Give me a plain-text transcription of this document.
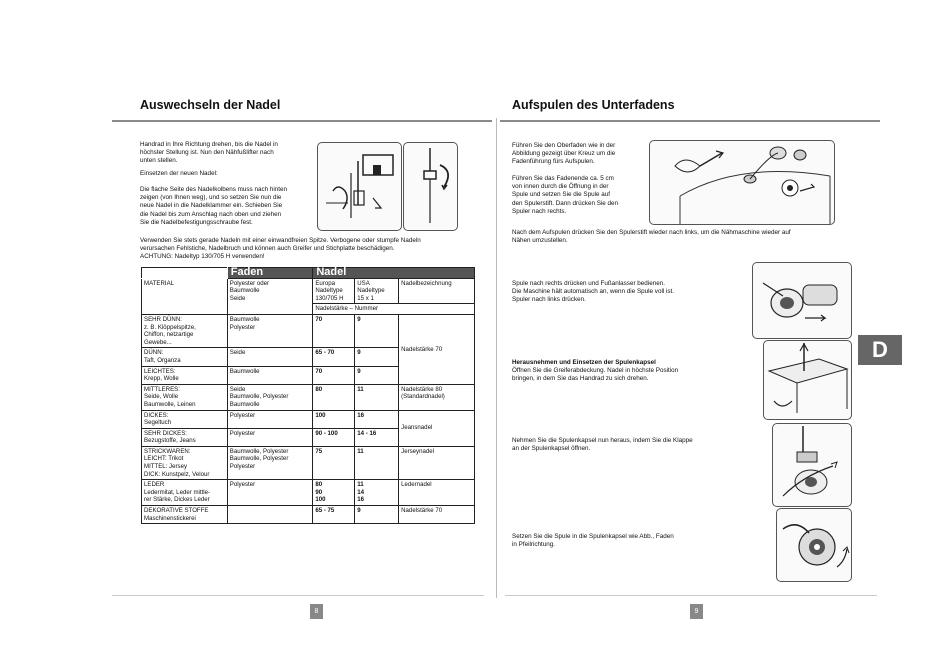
Auswechseln der Nadel
Handrad in Ihre Richtung drehen, bis die Nadel in
höchster Stellung ist. Nun den Nähfußlifter nach
unten stellen.
Einsetzen der neuen Nadel:
Die flache Seite des Nadelkolbens muss nach hinten
zeigen (von Ihnen weg), und so setzen Sie nun die
neue Nadel in die Nadelklammer ein. Schieben Sie
die Nadel bis zum Anschlag nach oben und ziehen
Sie die Nadelbefestigungsschraube fest.
Verwenden Sie stets gerade Nadeln mit einer einwandfreien Spitze. Verbogene oder stumpfe Nadeln
verursachen Fehlstiche, Nadelbruch und können auch Greifer und Stichplatte beschädigen.
ACHTUNG: Nadeltyp 130/705 H verwenden!
	Faden	Nadel		
MATERIAL	Polyester oder
Baumwolle
Seide	Europa
Nadeltype
130/705 H	USA
Nadeltype
15 x 1	Nadelbezeichnung
		Nadelstärke – Nummer		
SEHR DÜNN:
z. B. Klöppelspitze,
Chiffon, netzartige
Gewebe...	Baumwolle
Polyester	70	9	Nadelstärke 70
DÜNN:
Taft, Organza	Seide	65 - 70	9	
LEICHTES:
Krepp, Wolle	Baumwolle	70	9	
MITTLERES:
Seide, Wolle
Baumwolle, Leinen	Seide
Baumwolle, Polyester
Baumwolle	80	11	Nadelstärke 80
(Standardnadel)
DICKES:
Segeltuch	Polyester	100	16	Jeansnadel
SEHR DICKES:
Bezugstoffe, Jeans	Polyester	90 - 100	14 - 16	
STRICKWAREN:
LEICHT: Trikot
MITTEL: Jersey
DICK: Kunstpelz, Velour	Baumwolle, Polyester
Baumwolle, Polyester
Polyester	75	11	Jerseynadel
LEDER
Ledermitat, Leder mittle-
rer Stärke, Dickes Leder	Polyester	80
90
100	11
14
16	Ledernadel
DEKORATIVE STOFFE
Maschinenstickerei		65 - 75	9	Nadelstärke 70
8
Aufspulen des Unterfadens
Führen Sie den Oberfaden wie in der
Abbildung gezeigt über Kreuz um die
Fadenführung fürs Aufspulen.
Führen Sie das Fadenende ca. 5 cm
von innen durch die Öffnung in der
Spule und setzen Sie die Spule auf
den Spulerstift. Dann drücken Sie den
Spuler nach rechts.
Nach dem Aufspulen drücken Sie den Spulerstift wieder nach links, um die Nähmaschine wieder auf
Nähen umzustellen.
Spule nach rechts drücken und Fußanlasser bedienen.
Die Maschine hält automatisch an, wenn die Spule voll ist.
Spuler nach links drücken.
D
Herausnehmen und Einsetzen der Spulenkapsel
Öffnen Sie die Greiferabdeckung. Nadel in höchste Position
bringen, in dem Sie das Handrad zu sich drehen.
Nehmen Sie die Spulenkapsel nun heraus, indem Sie die Klappe
an der Spulenkapsel öffnen.
Setzen Sie die Spule in die Spulenkapsel wie Abb., Faden
in Pfeilrichtung.
9
